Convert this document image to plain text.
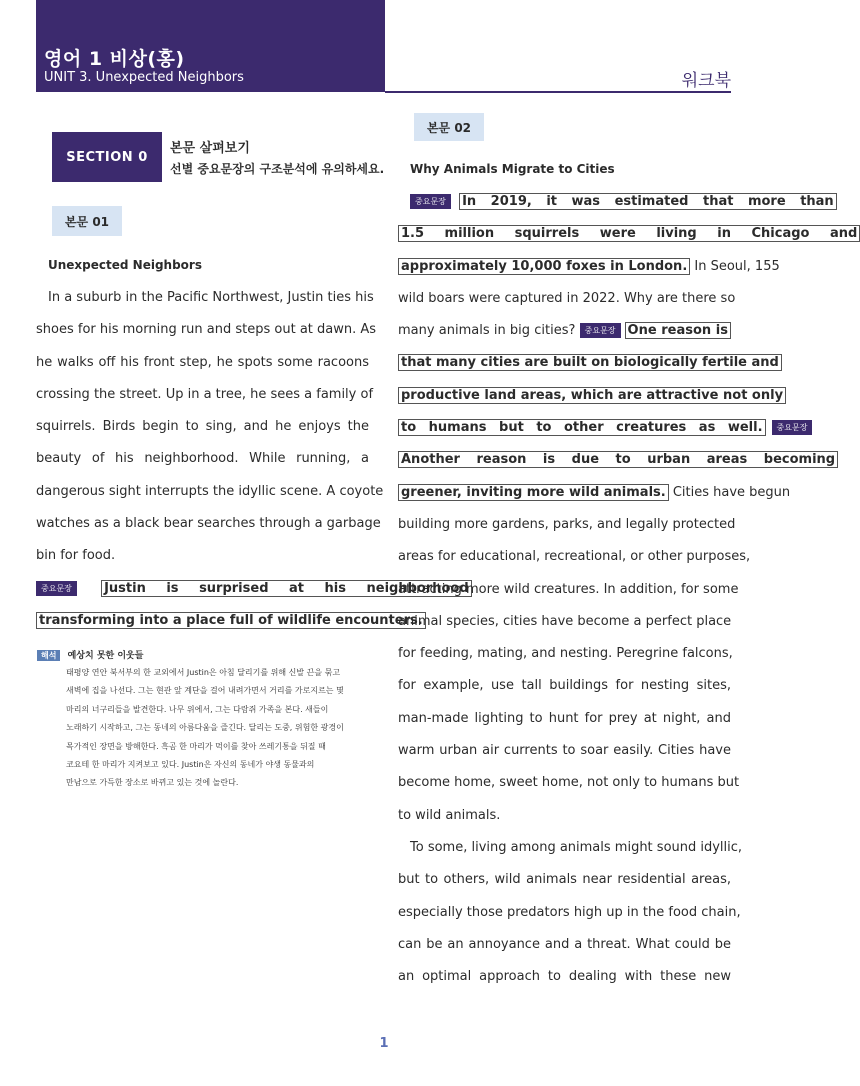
영어 1 비상(홍)
UNIT 3. Unexpected Neighbors	워크북
SECTION 0
본문 살펴보기
선별 중요문장의 구조분석에 유의하세요.
본문 01
Unexpected Neighbors
In a suburb in the Pacific Northwest, Justin ties his
shoes for his morning run and steps out at dawn. As
he walks off his front step, he spots some racoons
crossing the street. Up in a tree, he sees a family of
squirrels. Birds begin to sing, and he enjoys the
beauty of his neighborhood. While running, a
dangerous sight interrupts the idyllic scene. A coyote
watches as a black bear searches through a garbage
bin for food.
중요문장 Justin is surprised at his neighborhood
transforming into a place full of wildlife encounters.
해석 예상치 못한 이웃들
태평양 연안 북서부의 한 교외에서 Justin은 아침 달리기를 위해 신발 끈을 묶고
새벽에 집을 나선다. 그는 현관 앞 계단을 걸어 내려가면서 거리를 가로지르는 몇
마리의 너구리들을 발견한다. 나무 위에서, 그는 다람쥐 가족을 본다. 새들이
노래하기 시작하고, 그는 동네의 아름다움을 즐긴다. 달리는 도중, 위험한 광경이
목가적인 장면을 방해한다. 흑곰 한 마리가 먹이를 찾아 쓰레기통을 뒤질 때
코요테 한 마리가 지켜보고 있다. Justin은 자신의 동네가 야생 동물과의
만남으로 가득한 장소로 바뀌고 있는 것에 놀란다.
본문 02
Why Animals Migrate to Cities
중요문장 In 2019, it was estimated that more than
1.5 million squirrels were living in Chicago and
approximately 10,000 foxes in London. In Seoul, 155
wild boars were captured in 2022. Why are there so
many animals in big cities? 중요문장 One reason is
that many cities are built on biologically fertile and
productive land areas, which are attractive not only
to humans but to other creatures as well. 중요문장
Another reason is due to urban areas becoming
greener, inviting more wild animals. Cities have begun
building more gardens, parks, and legally protected
areas for educational, recreational, or other purposes,
attracting more wild creatures. In addition, for some
animal species, cities have become a perfect place
for feeding, mating, and nesting. Peregrine falcons,
for example, use tall buildings for nesting sites,
man-made lighting to hunt for prey at night, and
warm urban air currents to soar easily. Cities have
become home, sweet home, not only to humans but
to wild animals.
To some, living among animals might sound idyllic,
but to others, wild animals near residential areas,
especially those predators high up in the food chain,
can be an annoyance and a threat. What could be
an optimal approach to dealing with these new
1
